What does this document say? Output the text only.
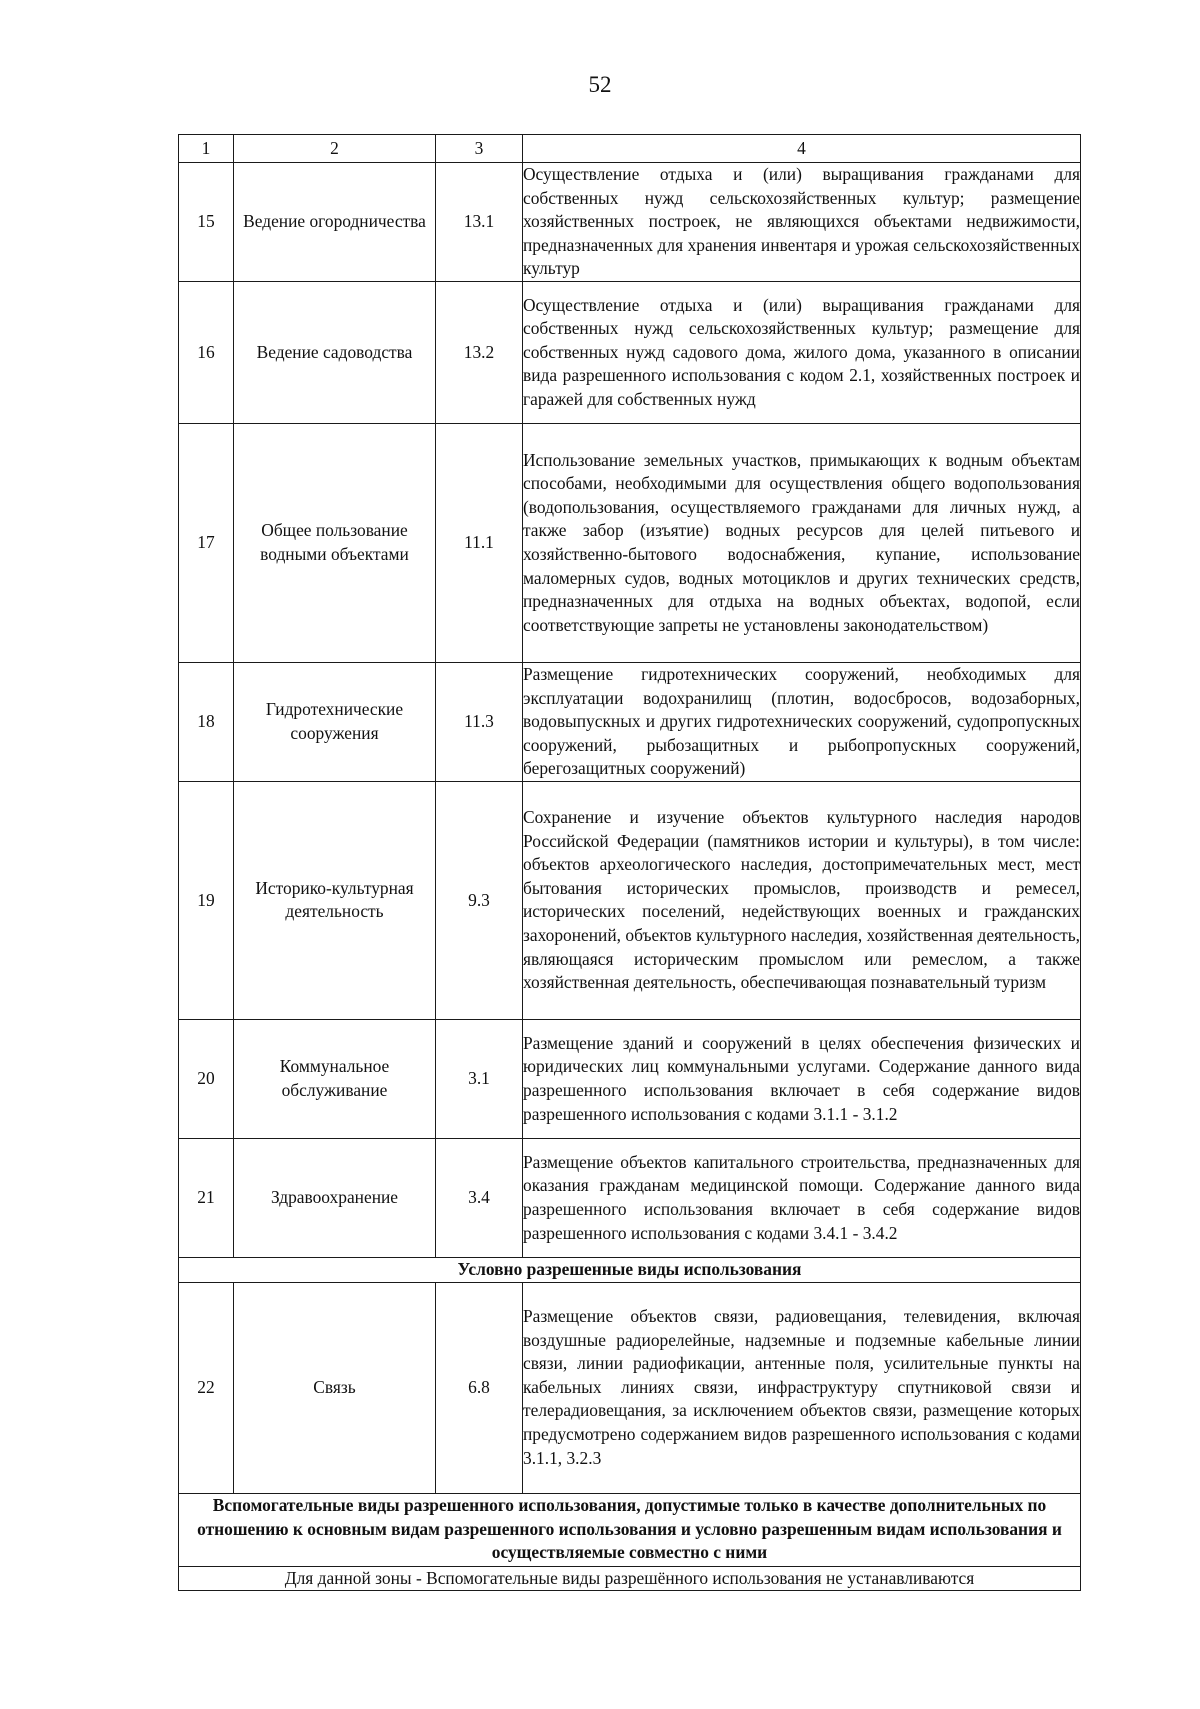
52
1	2	3	4
15	Ведение огородничества	13.1	Осуществление отдыха и (или) выращивания гражданами для собственных нужд сельскохозяйственных культур; размещение хозяйственных построек, не являющихся объектами недвижимости, предназначенных для хранения инвентаря и урожая сельскохозяйственных культур
16	Ведение садоводства	13.2	Осуществление отдыха и (или) выращивания гражданами для собственных нужд сельскохозяйственных культур; размещение для собственных нужд садового дома, жилого дома, указанного в описании вида разрешенного использования с кодом 2.1, хозяйственных построек и гаражей для собственных нужд
17	Общее пользование водными объектами	11.1	Использование земельных участков, примыкающих к водным объектам способами, необходимыми для осуществления общего водопользования (водопользования, осуществляемого гражданами для личных нужд, а также забор (изъятие) водных ресурсов для целей питьевого и хозяйственно-бытового водоснабжения, купание, использование маломерных судов, водных мотоциклов и других технических средств, предназначенных для отдыха на водных объектах, водопой, если соответствующие запреты не установлены законодательством)
18	Гидротехнические сооружения	11.3	Размещение гидротехнических сооружений, необходимых для эксплуатации водохранилищ (плотин, водосбросов, водозаборных, водовыпускных и других гидротехнических сооружений, судопропускных сооружений, рыбозащитных и рыбопропускных сооружений, берегозащитных сооружений)
19	Историко-культурная деятельность	9.3	Сохранение и изучение объектов культурного наследия народов Российской Федерации (памятников истории и культуры), в том числе: объектов археологического наследия, достопримечательных мест, мест бытования исторических промыслов, производств и ремесел, исторических поселений, недействующих военных и гражданских захоронений, объектов культурного наследия, хозяйственная деятельность, являющаяся историческим промыслом или ремеслом, а также хозяйственная деятельность, обеспечивающая познавательный туризм
20	Коммунальное обслуживание	3.1	Размещение зданий и сооружений в целях обеспечения физических и юридических лиц коммунальными услугами. Содержание данного вида разрешенного использования включает в себя содержание видов разрешенного использования с кодами 3.1.1 - 3.1.2
21	Здравоохранение	3.4	Размещение объектов капитального строительства, предназначенных для оказания гражданам медицинской помощи. Содержание данного вида разрешенного использования включает в себя содержание видов разрешенного использования с кодами 3.4.1 - 3.4.2
Условно разрешенные виды использования			
22	Связь	6.8	Размещение объектов связи, радиовещания, телевидения, включая воздушные радиорелейные, надземные и подземные кабельные линии связи, линии радиофикации, антенные поля, усилительные пункты на кабельных линиях связи, инфраструктуру спутниковой связи и телерадиовещания, за исключением объектов связи, размещение которых предусмотрено содержанием видов разрешенного использования с кодами 3.1.1, 3.2.3
Вспомогательные виды разрешенного использования, допустимые только в качестве дополнительных по отношению к основным видам разрешенного использования и условно разрешенным видам использования и осуществляемые совместно с ними			
Для данной зоны - Вспомогательные виды разрешённого использования не устанавливаются			
